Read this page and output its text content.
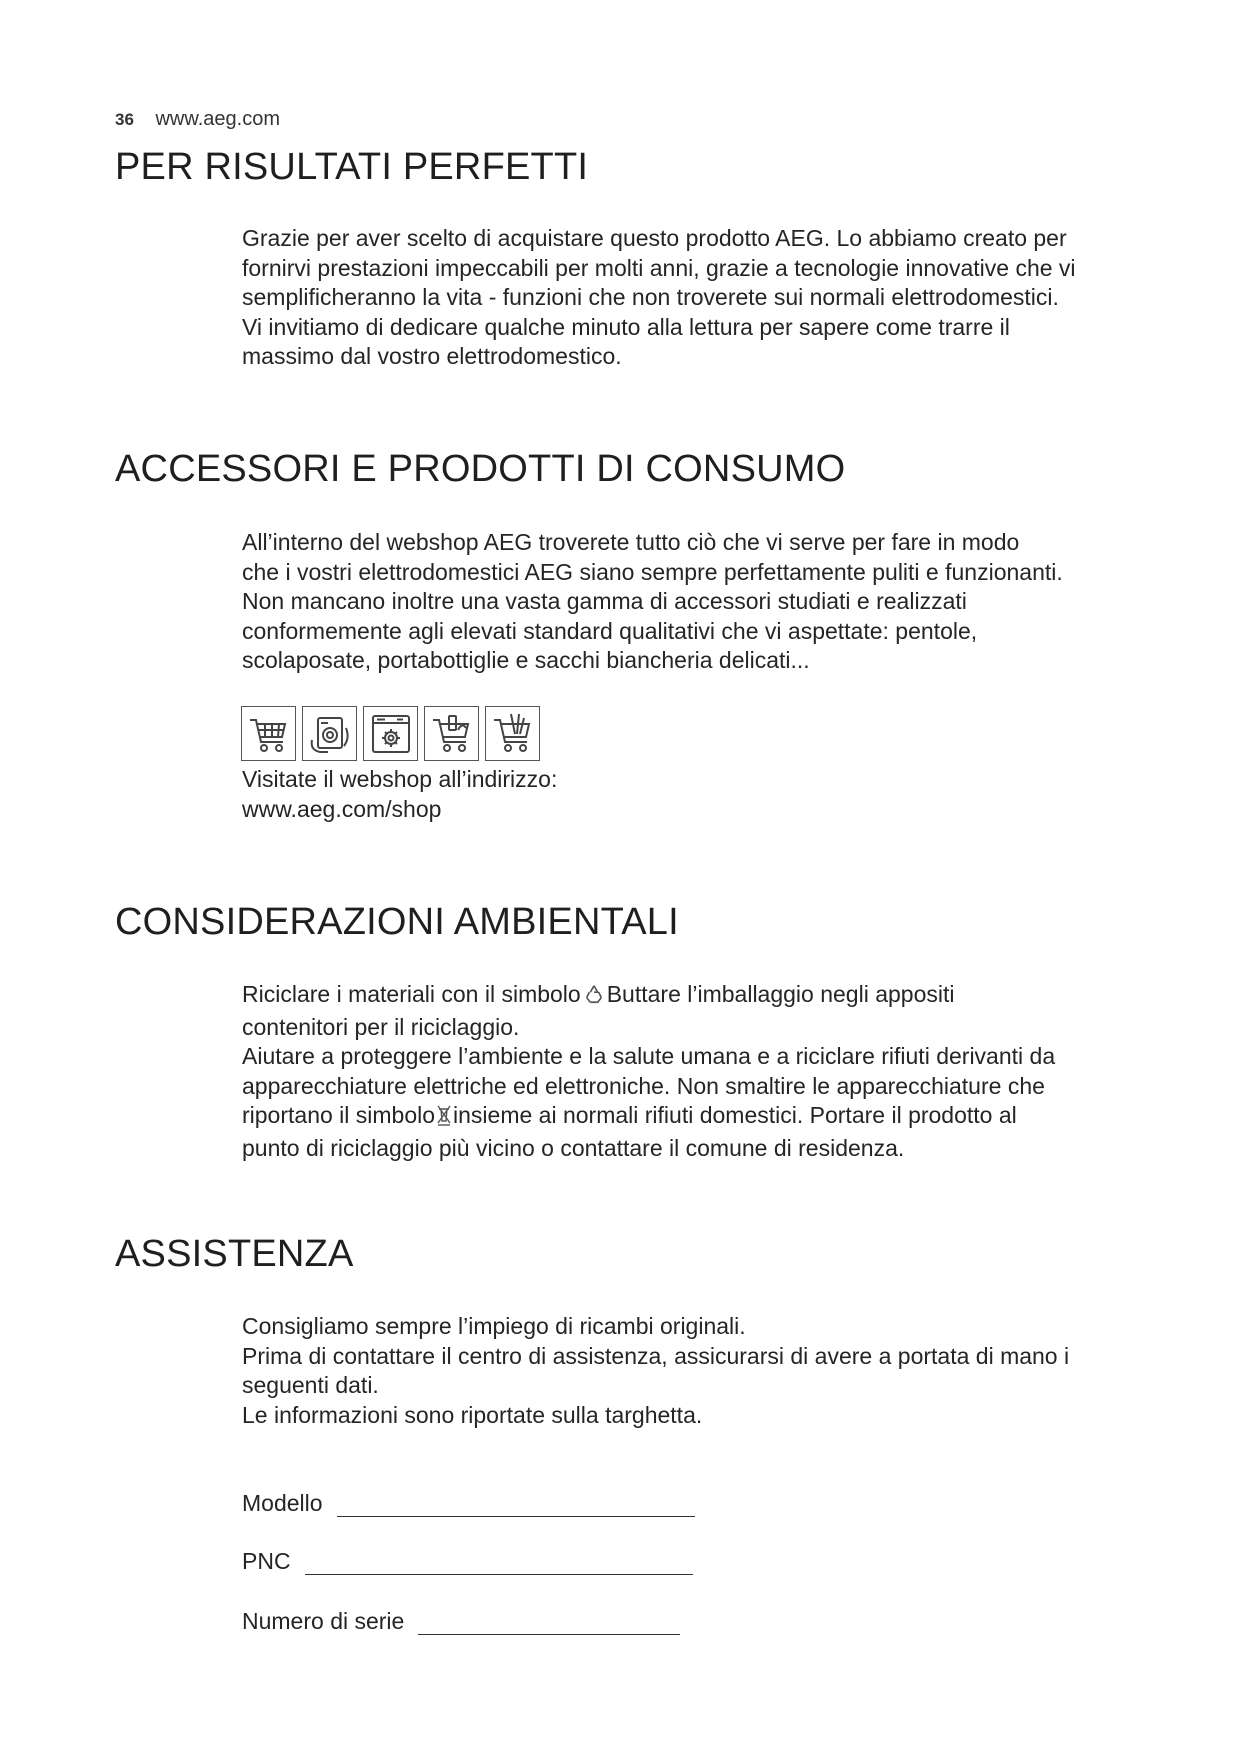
36 www.aeg.com
PER RISULTATI PERFETTI

Grazie per aver scelto di acquistare questo prodotto AEG. Lo abbiamo creato per

fornirvi prestazioni impeccabili per molti anni, grazie a tecnologie innovative che vi

semplificheranno la vita - funzioni che non troverete sui normali elettrodomestici.

Vi invitiamo di dedicare qualche minuto alla lettura per sapere come trarre il

massimo dal vostro elettrodomestico.

ACCESSORI E PRODOTTI DI CONSUMO

All’interno del webshop AEG troverete tutto ciò che vi serve per fare in modo

che i vostri elettrodomestici AEG siano sempre perfettamente puliti e funzionanti.

Non mancano inoltre una vasta gamma di accessori studiati e realizzati

conformemente agli elevati standard qualitativi che vi aspettate: pentole,

scolaposate, portabottiglie e sacchi biancheria delicati...

Visitate il webshop all’indirizzo:

www.aeg.com/shop

CONSIDERAZIONI AMBIENTALI

Riciclare i materiali con il simbolo Buttare l’imballaggio negli appositi

contenitori per il riciclaggio.

Aiutare a proteggere l’ambiente e la salute umana e a riciclare rifiuti derivanti da

apparecchiature elettriche ed elettroniche. Non smaltire le apparecchiature che

riportano il simbolo insieme ai normali rifiuti domestici. Portare il prodotto al

punto di riciclaggio più vicino o contattare il comune di residenza.

ASSISTENZA

Consigliamo sempre l’impiego di ricambi originali.

Prima di contattare il centro di assistenza, assicurarsi di avere a portata di mano i

seguenti dati.

Le informazioni sono riportate sulla targhetta.

Modello
PNC
Numero di serie
